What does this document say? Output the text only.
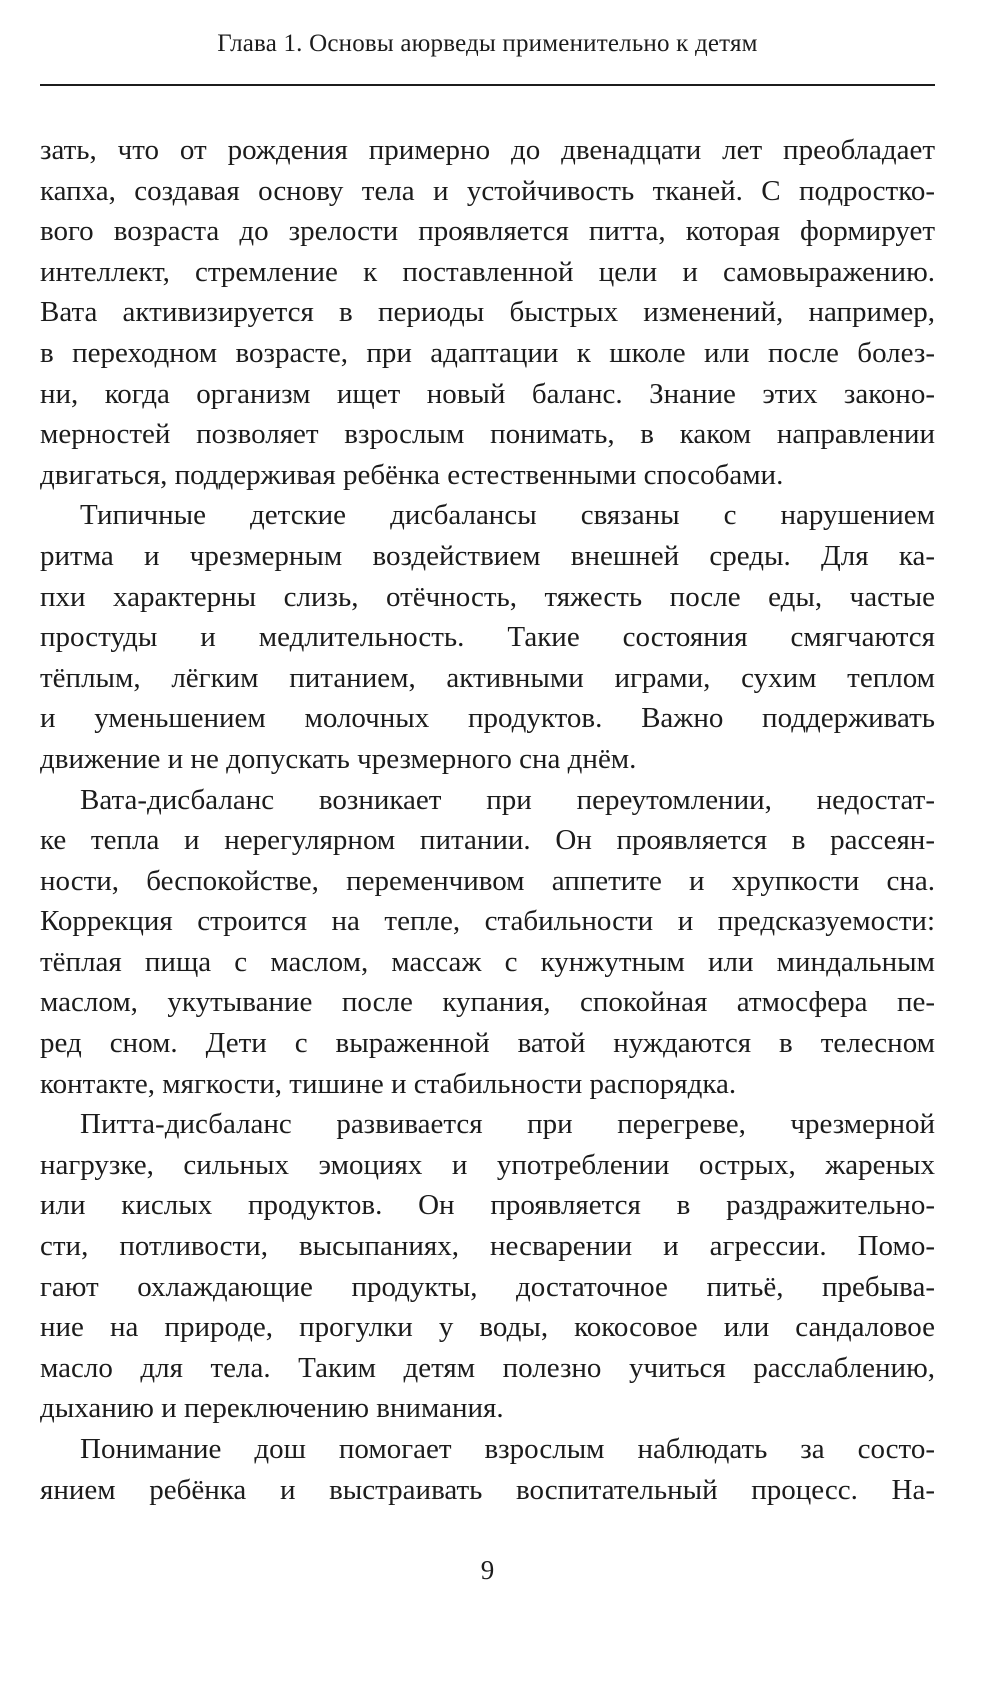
Глава 1. Основы аюрведы применительно к детям
зать, что от рождения примерно до двенадцати лет преобладает
капха, создавая основу тела и устойчивость тканей. С подростко-
вого возраста до зрелости проявляется питта, которая формирует
интеллект, стремление к поставленной цели и самовыражению.
Вата активизируется в периоды быстрых изменений, например,
в переходном возрасте, при адаптации к школе или после болез-
ни, когда организм ищет новый баланс. Знание этих законо-
мерностей позволяет взрослым понимать, в каком направлении
двигаться, поддерживая ребёнка естественными способами.
Типичные детские дисбалансы связаны с нарушением
ритма и чрезмерным воздействием внешней среды. Для ка-
пхи характерны слизь, отёчность, тяжесть после еды, частые
простуды и медлительность. Такие состояния смягчаются
тёплым, лёгким питанием, активными играми, сухим теплом
и уменьшением молочных продуктов. Важно поддерживать
движение и не допускать чрезмерного сна днём.
Вата-дисбаланс возникает при переутомлении, недостат-
ке тепла и нерегулярном питании. Он проявляется в рассеян-
ности, беспокойстве, переменчивом аппетите и хрупкости сна.
Коррекция строится на тепле, стабильности и предсказуемости:
тёплая пища с маслом, массаж с кунжутным или миндальным
маслом, укутывание после купания, спокойная атмосфера пе-
ред сном. Дети с выраженной ватой нуждаются в телесном
контакте, мягкости, тишине и стабильности распорядка.
Питта-дисбаланс развивается при перегреве, чрезмерной
нагрузке, сильных эмоциях и употреблении острых, жареных
или кислых продуктов. Он проявляется в раздражительно-
сти, потливости, высыпаниях, несварении и агрессии. Помо-
гают охлаждающие продукты, достаточное питьё, пребыва-
ние на природе, прогулки у воды, кокосовое или сандаловое
масло для тела. Таким детям полезно учиться расслаблению,
дыханию и переключению внимания.
Понимание дош помогает взрослым наблюдать за состо-
янием ребёнка и выстраивать воспитательный процесс. На-
9
